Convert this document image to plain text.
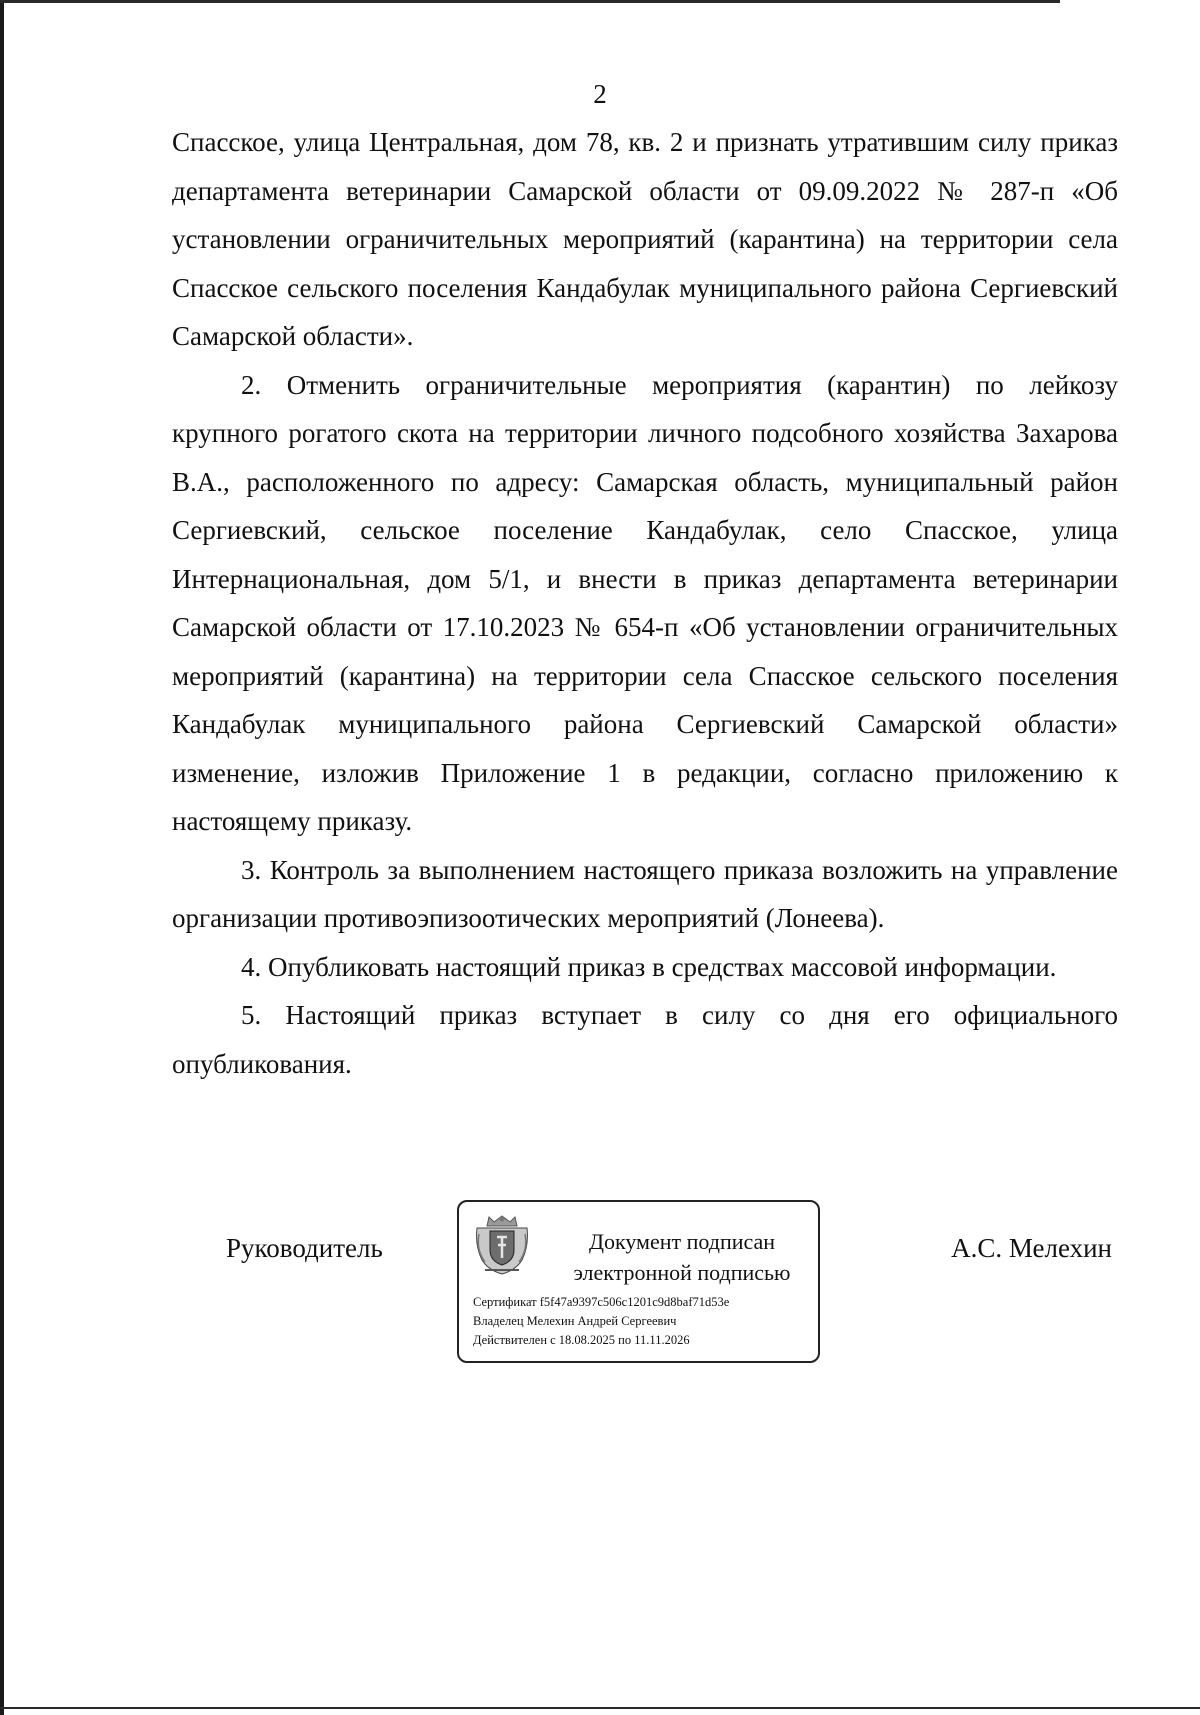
2

Спасское, улица Центральная, дом 78, кв. 2 и признать утратившим силу приказ департамента ветеринарии Самарской области от 09.09.2022 № 287-п «Об установлении ограничительных мероприятий (карантина) на территории села Спасское сельского поселения Кандабулак муниципального района Сергиевский Самарской области».

2. Отменить ограничительные мероприятия (карантин) по лейкозу крупного рогатого скота на территории личного подсобного хозяйства Захарова В.А., расположенного по адресу: Самарская область, муниципальный район Сергиевский, сельское поселение Кандабулак, село Спасское, улица Интернациональная, дом 5/1, и внести в приказ департамента ветеринарии Самарской области от 17.10.2023 № 654-п «Об установлении ограничительных мероприятий (карантина) на территории села Спасское сельского поселения Кандабулак муниципального района Сергиевский Самарской области» изменение, изложив Приложение 1 в редакции, согласно приложению к настоящему приказу.

3. Контроль за выполнением настоящего приказа возложить на управление организации противоэпизоотических мероприятий (Лонеева).

4. Опубликовать настоящий приказ в средствах массовой информации.

5. Настоящий приказ вступает в силу со дня его официального опубликования.

Руководитель	Документ подписан
электронной подписью
Сертификат f5f47a9397c506c1201c9d8baf71d53e
Владелец Мелехин Андрей Сергеевич
Действителен с 18.08.2025 по 11.11.2026
А.С. Мелехин
